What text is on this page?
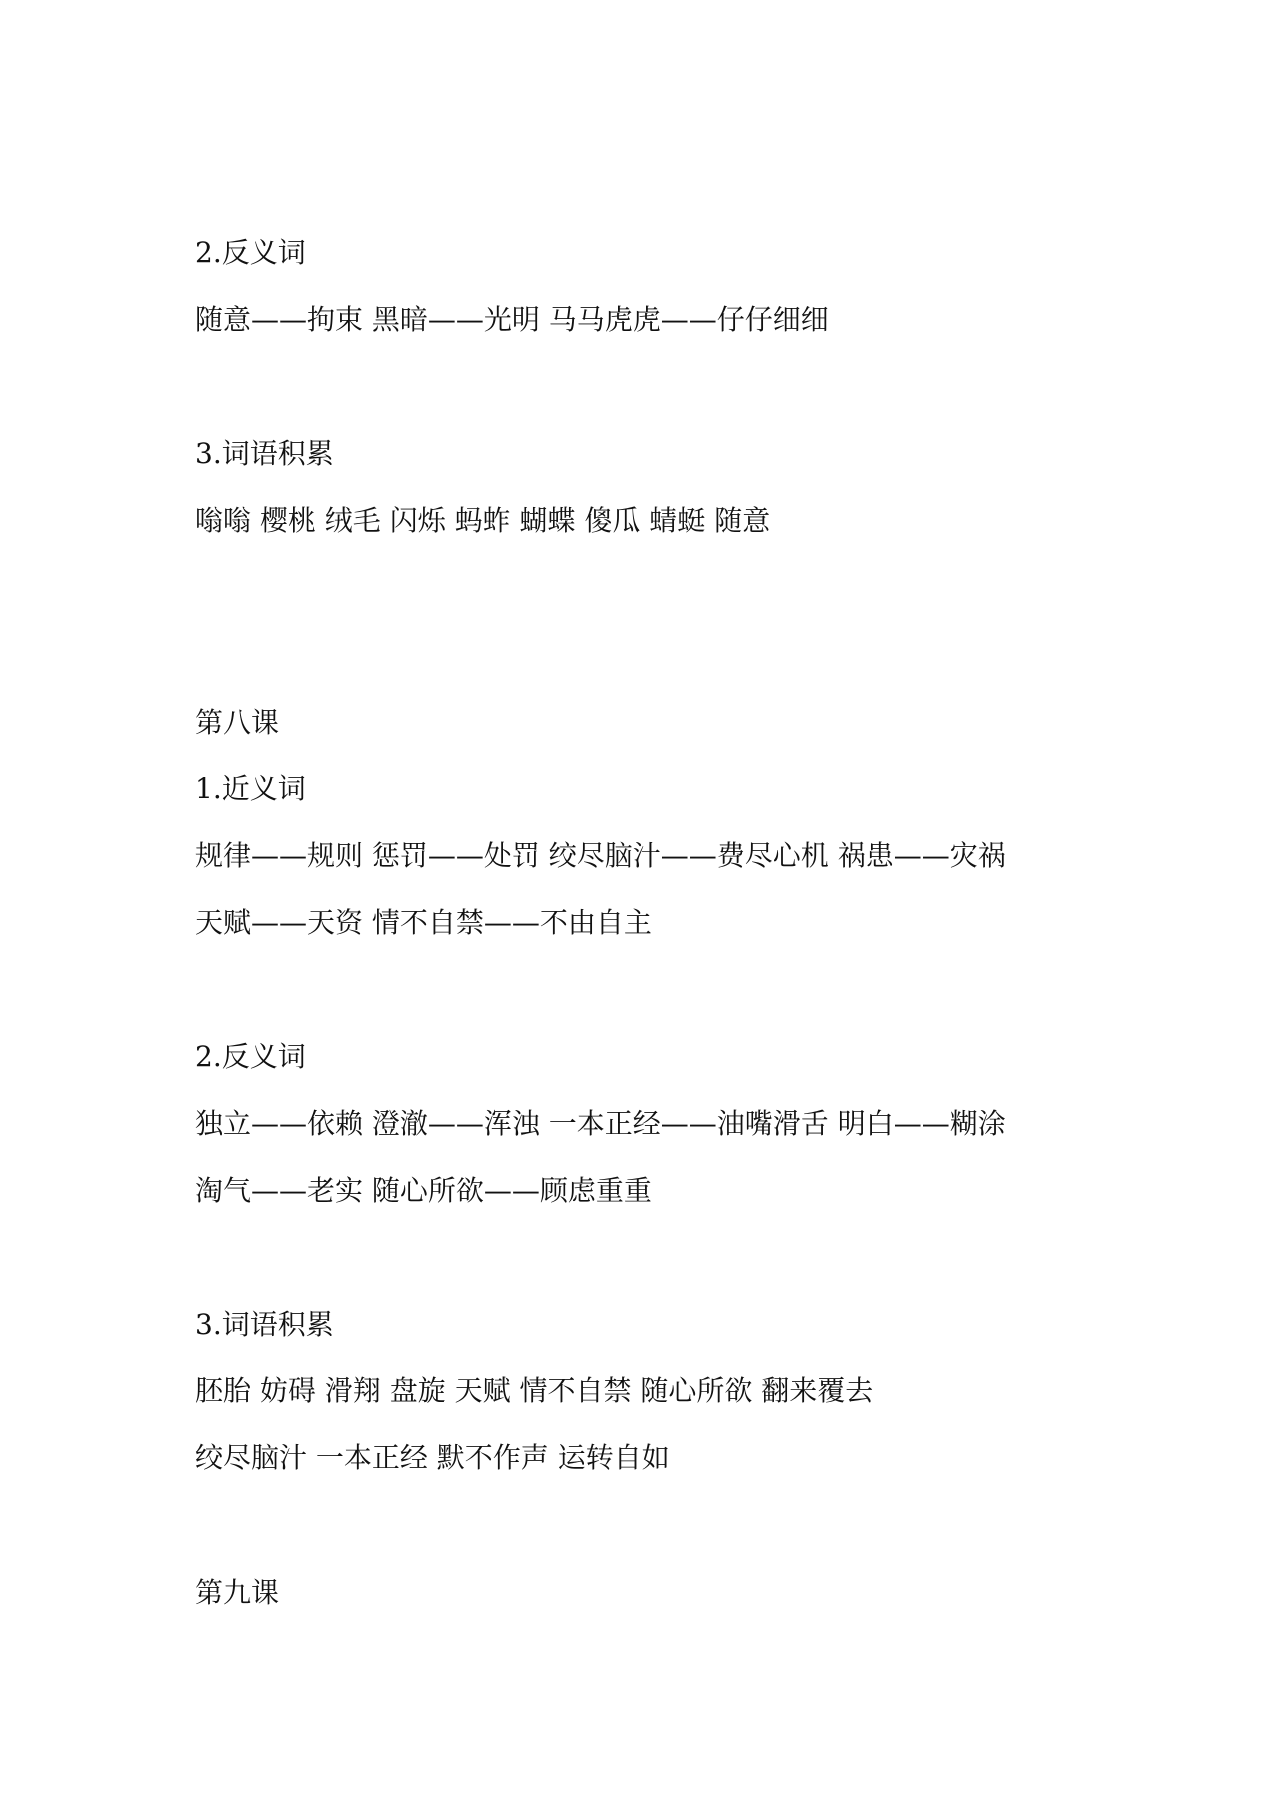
2.反义词

随意——拘束 黑暗——光明 马马虎虎——仔仔细细

3.词语积累

嗡嗡 樱桃 绒毛 闪烁 蚂蚱 蝴蝶 傻瓜 蜻蜓 随意

第八课

1.近义词

规律——规则 惩罚——处罚 绞尽脑汁——费尽心机 祸患——灾祸

天赋——天资 情不自禁——不由自主

2.反义词

独立——依赖 澄澈——浑浊 一本正经——油嘴滑舌 明白——糊涂

淘气——老实 随心所欲——顾虑重重

3.词语积累

胚胎 妨碍 滑翔 盘旋 天赋 情不自禁 随心所欲 翻来覆去

绞尽脑汁 一本正经 默不作声 运转自如

第九课
